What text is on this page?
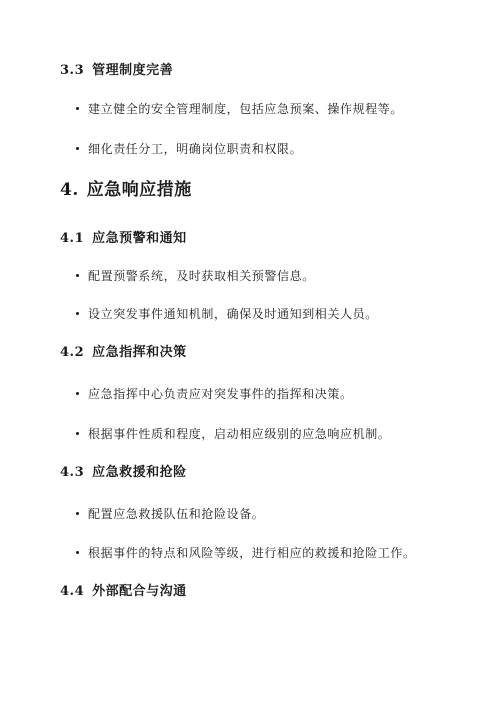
3.3 管理制度完善
建立健全的安全管理制度，包括应急预案、操作规程等。
细化责任分工，明确岗位职责和权限。
4. 应急响应措施
4.1 应急预警和通知
配置预警系统，及时获取相关预警信息。
设立突发事件通知机制，确保及时通知到相关人员。
4.2 应急指挥和决策
应急指挥中心负责应对突发事件的指挥和决策。
根据事件性质和程度，启动相应级别的应急响应机制。
4.3 应急救援和抢险
配置应急救援队伍和抢险设备。
根据事件的特点和风险等级，进行相应的救援和抢险工作。
4.4 外部配合与沟通
